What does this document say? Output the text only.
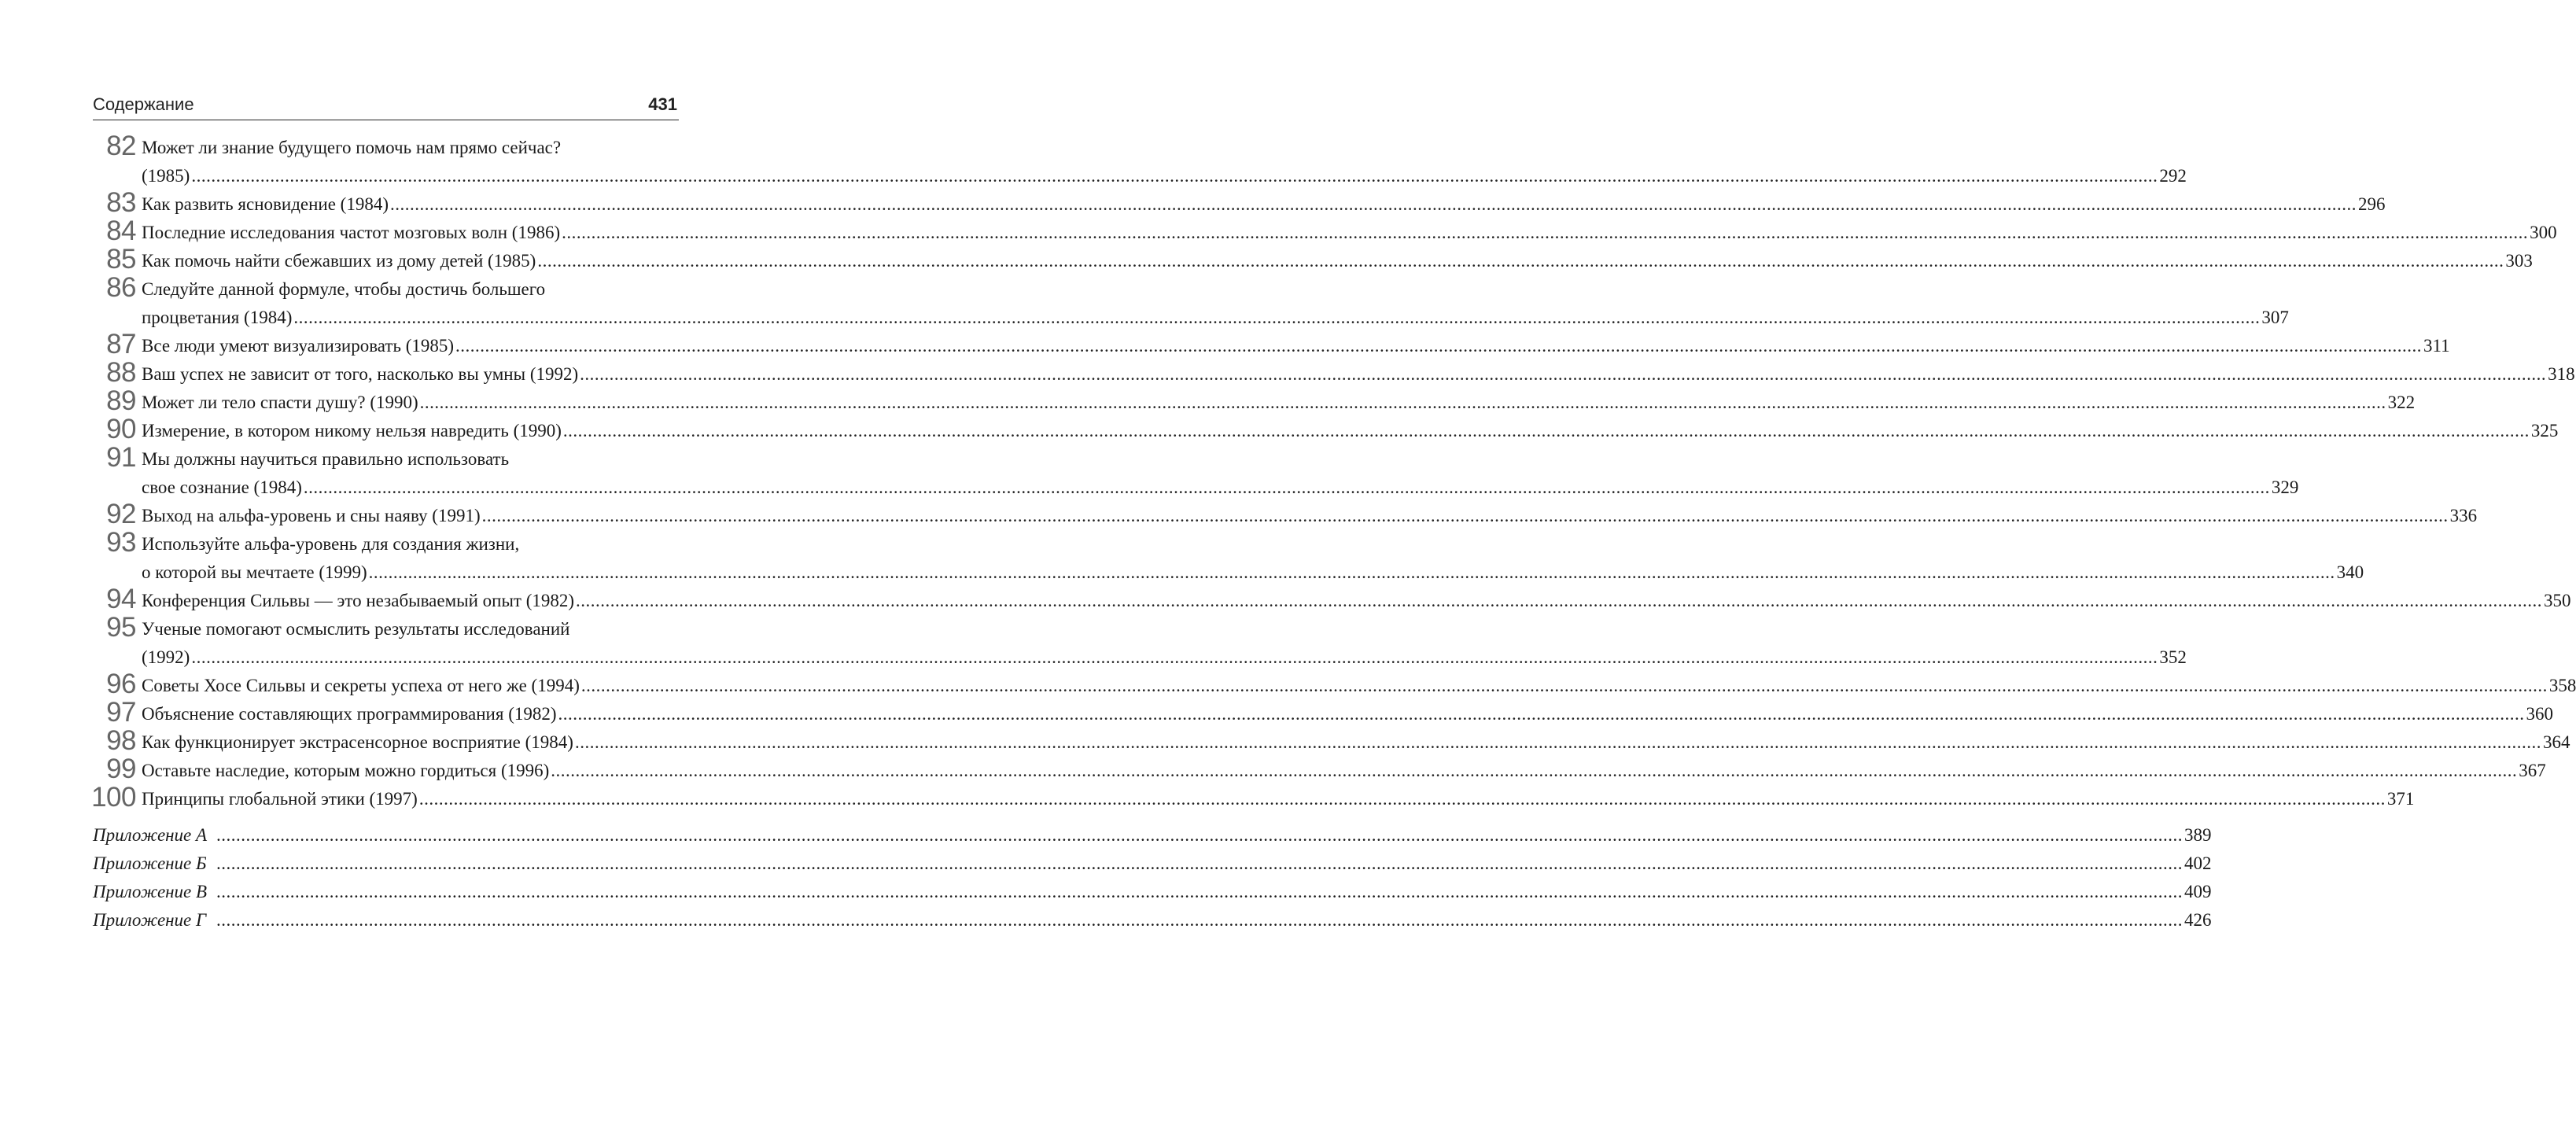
Содержание	431
82 Может ли знание будущего помочь нам прямо сейчас?
(1985) ................................................................................................................................................................................................................................................................................................................................................................................................................ 292
83 Как развить ясновидение (1984) ................................................................................................................................................................................................................................................................................................................................................................................................................ 296
84 Последние исследования частот мозговых волн (1986) ................................................................................................................................................................................................................................................................................................................................................................................................................ 300
85 Как помочь найти сбежавших из дому детей (1985) ................................................................................................................................................................................................................................................................................................................................................................................................................ 303
86 Следуйте данной формуле, чтобы достичь большего
процветания (1984) ................................................................................................................................................................................................................................................................................................................................................................................................................ 307
87 Все люди умеют визуализировать (1985) ................................................................................................................................................................................................................................................................................................................................................................................................................ 311
88 Ваш успех не зависит от того, насколько вы умны (1992) ................................................................................................................................................................................................................................................................................................................................................................................................................ 318
89 Может ли тело спасти душу? (1990) ................................................................................................................................................................................................................................................................................................................................................................................................................ 322
90 Измерение, в котором никому нельзя навредить (1990) ................................................................................................................................................................................................................................................................................................................................................................................................................ 325
91 Мы должны научиться правильно использовать
свое сознание (1984) ................................................................................................................................................................................................................................................................................................................................................................................................................ 329
92 Выход на альфа-уровень и сны наяву (1991) ................................................................................................................................................................................................................................................................................................................................................................................................................ 336
93 Используйте альфа-уровень для создания жизни,
о которой вы мечтаете (1999) ................................................................................................................................................................................................................................................................................................................................................................................................................ 340
94 Конференция Сильвы — это незабываемый опыт (1982) ................................................................................................................................................................................................................................................................................................................................................................................................................ 350
95 Ученые помогают осмыслить результаты исследований
(1992) ................................................................................................................................................................................................................................................................................................................................................................................................................ 352
96 Советы Хосе Сильвы и секреты успеха от него же (1994) ................................................................................................................................................................................................................................................................................................................................................................................................................ 358
97 Объяснение составляющих программирования (1982) ................................................................................................................................................................................................................................................................................................................................................................................................................ 360
98 Как функционирует экстрасенсорное восприятие (1984) ................................................................................................................................................................................................................................................................................................................................................................................................................ 364
99 Оставьте наследие, которым можно гордиться (1996) ................................................................................................................................................................................................................................................................................................................................................................................................................ 367
100 Принципы глобальной этики (1997) ................................................................................................................................................................................................................................................................................................................................................................................................................ 371
Приложение А ................................................................................................................................................................................................................................................................................................................................................................................................................ 389
Приложение Б ................................................................................................................................................................................................................................................................................................................................................................................................................ 402
Приложение В ................................................................................................................................................................................................................................................................................................................................................................................................................ 409
Приложение Г ................................................................................................................................................................................................................................................................................................................................................................................................................ 426
